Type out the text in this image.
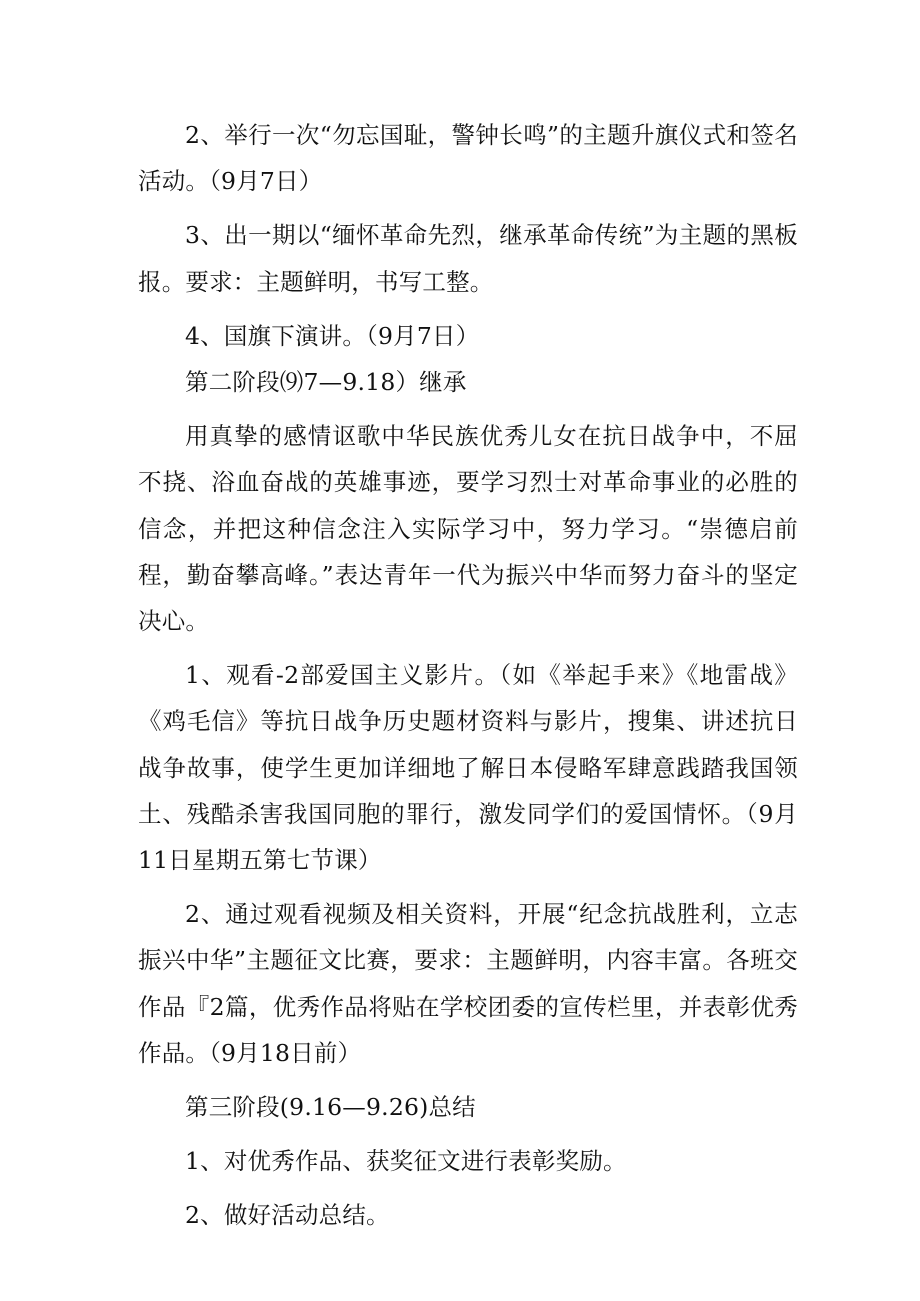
2、举行一次“勿忘国耻，警钟长鸣”的主题升旗仪式和签名活动。（9月7日）

3、出一期以“缅怀革命先烈，继承革命传统”为主题的黑板报。要求：主题鲜明，书写工整。

4、国旗下演讲。（9月7日）

第二阶段⑼7—9.18）继承

用真挚的感情讴歌中华民族优秀儿女在抗日战争中，不屈不挠、浴血奋战的英雄事迹，要学习烈士对革命事业的必胜的信念，并把这种信念注入实际学习中，努力学习。“崇德启前程，勤奋攀高峰。”表达青年一代为振兴中华而努力奋斗的坚定决心。

1、观看-2部爱国主义影片。（如《举起手来》《地雷战》《鸡毛信》等抗日战争历史题材资料与影片，搜集、讲述抗日战争故事，使学生更加详细地了解日本侵略军肆意践踏我国领土、残酷杀害我国同胞的罪行，激发同学们的爱国情怀。（9月11日星期五第七节课）

2、通过观看视频及相关资料，开展“纪念抗战胜利，立志振兴中华”主题征文比赛，要求：主题鲜明，内容丰富。各班交作品『2篇，优秀作品将贴在学校团委的宣传栏里，并表彰优秀作品。（9月18日前）

第三阶段(9.16—9.26)总结

1、对优秀作品、获奖征文进行表彰奖励。

2、做好活动总结。
